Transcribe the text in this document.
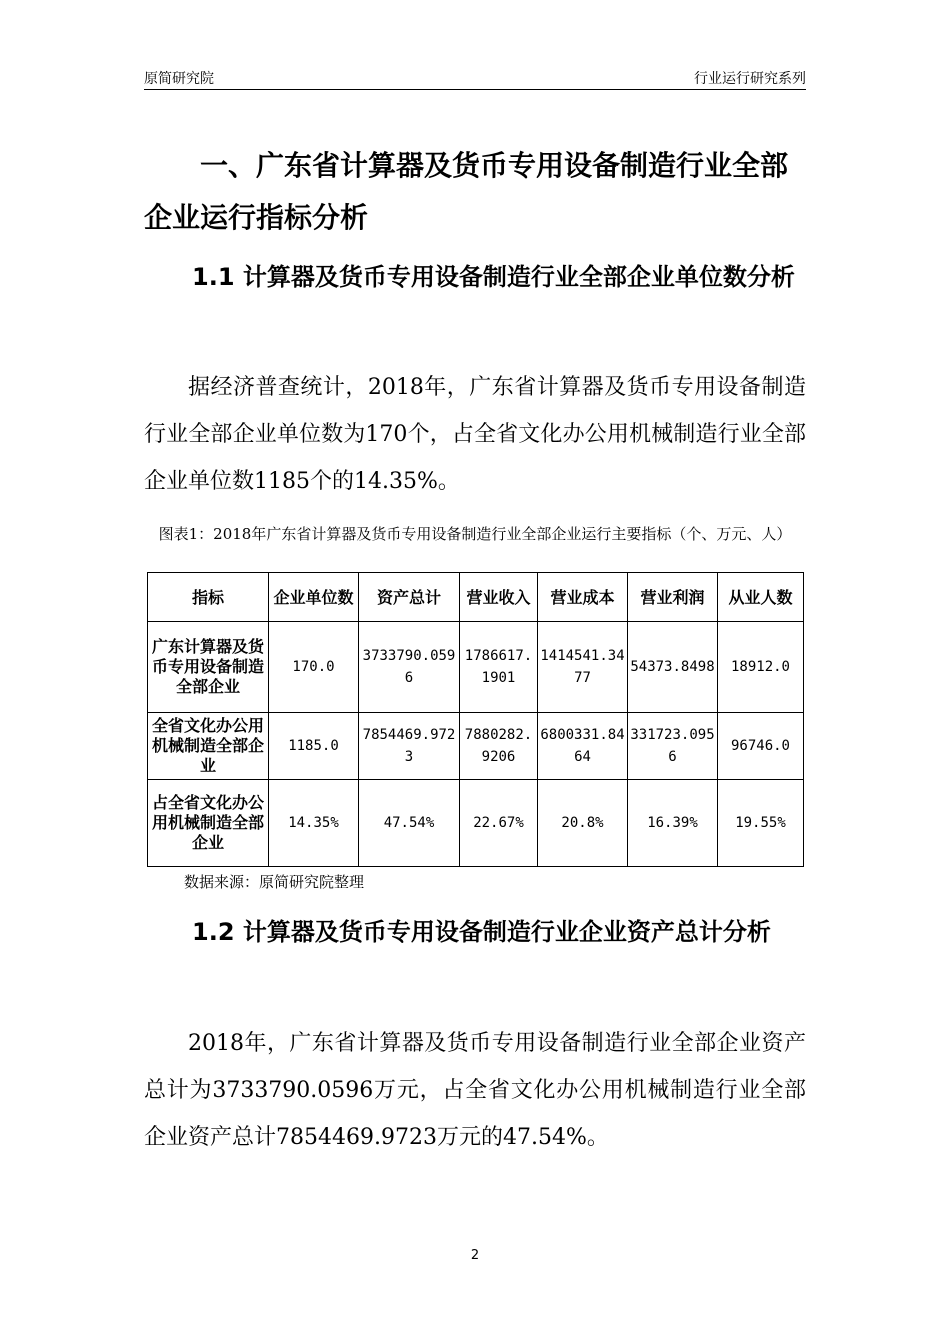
原简研究院	行业运行研究系列
一、广东省计算器及货币专用设备制造行业全部企业运行指标分析
1.1 计算器及货币专用设备制造行业全部企业单位数分析
据经济普查统计，2018年，广东省计算器及货币专用设备制造行业全部企业单位数为170个，占全省文化办公用机械制造行业全部企业单位数1185个的14.35%。
图表1：2018年广东省计算器及货币专用设备制造行业全部企业运行主要指标（个、万元、人）
指标	企业单位数	资产总计	营业收入	营业成本	营业利润	从业人数
广东计算器及货币专用设备制造全部企业	170.0	3733790.0596	1786617.1901	1414541.3477	54373.8498	18912.0
全省文化办公用机械制造全部企业	1185.0	7854469.9723	7880282.9206	6800331.8464	331723.0956	96746.0
占全省文化办公用机械制造全部企业	14.35%	47.54%	22.67%	20.8%	16.39%	19.55%
数据来源：原简研究院整理
1.2 计算器及货币专用设备制造行业企业资产总计分析
2018年，广东省计算器及货币专用设备制造行业全部企业资产总计为3733790.0596万元，占全省文化办公用机械制造行业全部企业资产总计7854469.9723万元的47.54%。
2
